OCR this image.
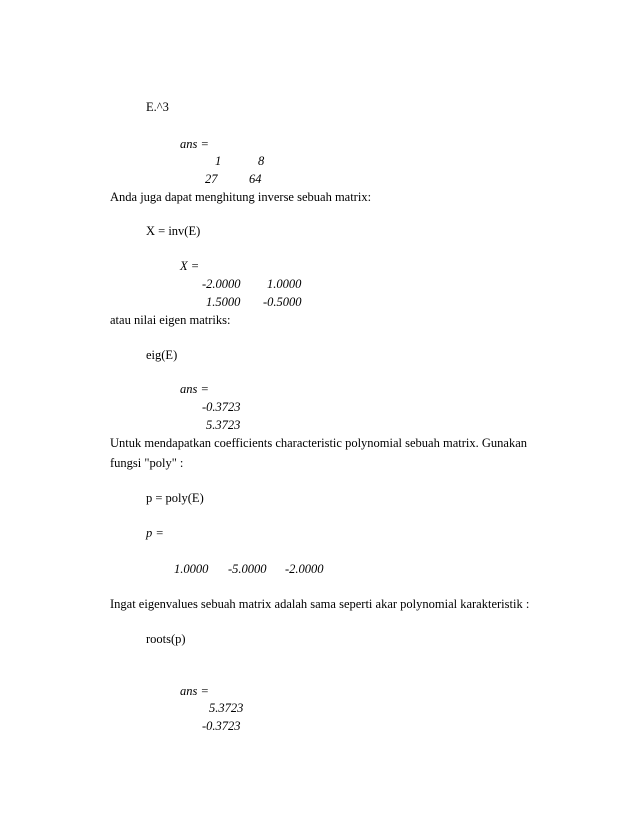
E.^3
ans =
1	8
27	64
Anda juga dapat menghitung inverse sebuah matrix:
X = inv(E)
X =
-2.0000 1.0000
1.5000 -0.5000
atau nilai eigen matriks:
eig(E)
ans =
-0.3723
5.3723
Untuk mendapatkan coefficients characteristic polynomial sebuah matrix. Gunakan
fungsi "poly" :
p = poly(E)
p =
1.0000 -5.0000 -2.0000
Ingat eigenvalues sebuah matrix adalah sama seperti akar polynomial karakteristik :
roots(p)
ans =
5.3723
-0.3723
